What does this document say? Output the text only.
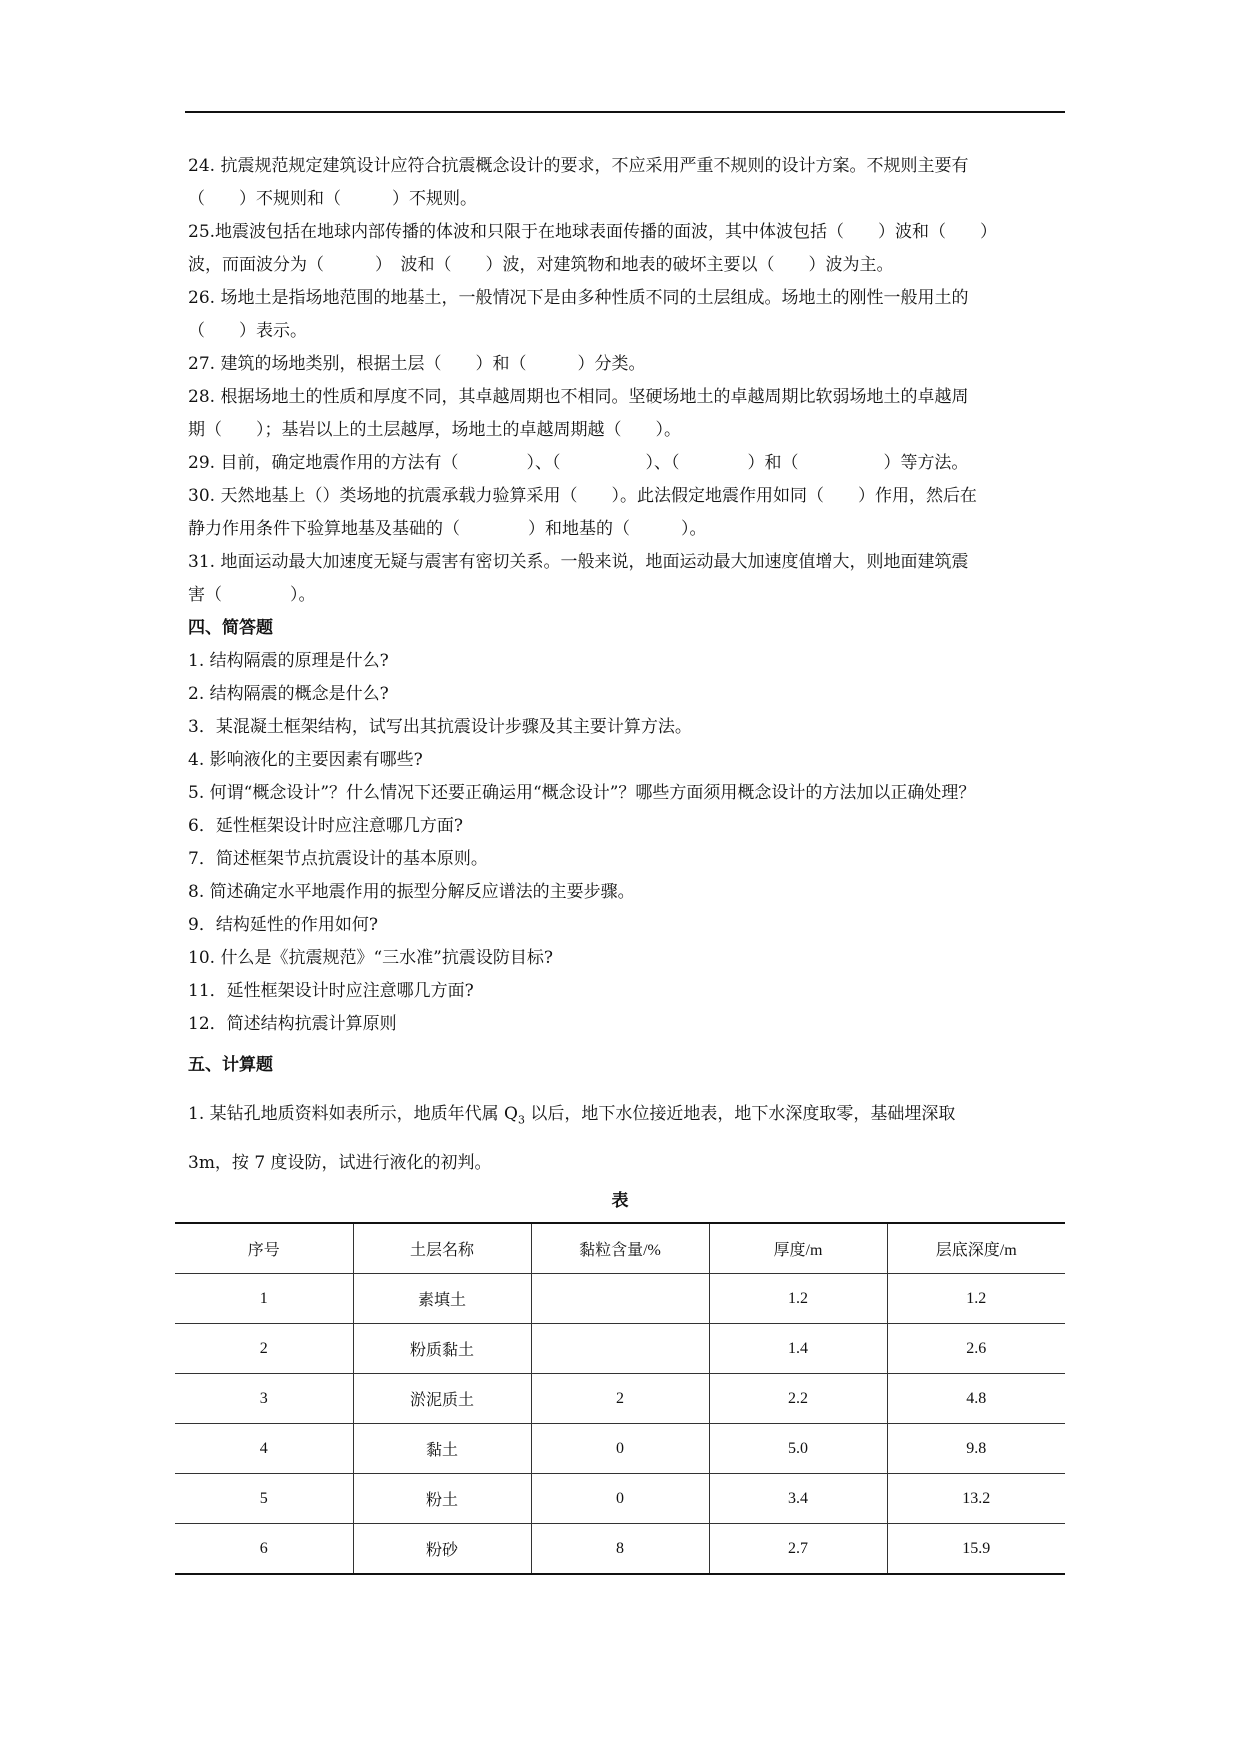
24. 抗震规范规定建筑设计应符合抗震概念设计的要求，不应采用严重不规则的设计方案。不规则主要有
（　　）不规则和（　　　）不规则。
25.地震波包括在地球内部传播的体波和只限于在地球表面传播的面波，其中体波包括（　　）波和（　　）
波，而面波分为（　　　）　波和（　　）波，对建筑物和地表的破坏主要以（　　）波为主。
26. 场地土是指场地范围的地基土，一般情况下是由多种性质不同的土层组成。场地土的刚性一般用土的
（　　）表示。
27. 建筑的场地类别，根据土层（　　）和（　　　）分类。
28. 根据场地土的性质和厚度不同，其卓越周期也不相同。坚硬场地土的卓越周期比软弱场地土的卓越周
期（　　）；基岩以上的土层越厚，场地土的卓越周期越（　　）。
29. 目前，确定地震作用的方法有（　　　　）、（　　　　　）、（　　　　）和（　　　　　）等方法。
30. 天然地基上（）类场地的抗震承载力验算采用（　　）。此法假定地震作用如同（　　）作用，然后在
静力作用条件下验算地基及基础的（　　　　）和地基的（　　　）。
31. 地面运动最大加速度无疑与震害有密切关系。一般来说，地面运动最大加速度值增大，则地面建筑震
害（　　　　）。
四、简答题
1. 结构隔震的原理是什么?
2. 结构隔震的概念是什么?
3．某混凝土框架结构，试写出其抗震设计步骤及其主要计算方法。
4. 影响液化的主要因素有哪些?
5. 何谓“概念设计”？什么情况下还要正确运用“概念设计”？哪些方面须用概念设计的方法加以正确处理？
6．延性框架设计时应注意哪几方面?
7．简述框架节点抗震设计的基本原则。
8. 简述确定水平地震作用的振型分解反应谱法的主要步骤。
9．结构延性的作用如何?
10. 什么是《抗震规范》“三水准”抗震设防目标?
11．延性框架设计时应注意哪几方面?
12．简述结构抗震计算原则
五、计算题
1. 某钻孔地质资料如表所示，地质年代属 $Q_3$ 以后，地下水位接近地表，地下水深度取零，基础埋深取
3m，按 7 度设防，试进行液化的初判。
表
序号	土层名称	黏粒含量/%	厚度/m	层底深度/m
1	素填土		1.2	1.2
2	粉质黏土		1.4	2.6
3	淤泥质土	2	2.2	4.8
4	黏土	0	5.0	9.8
5	粉土	0	3.4	13.2
6	粉砂	8	2.7	15.9
